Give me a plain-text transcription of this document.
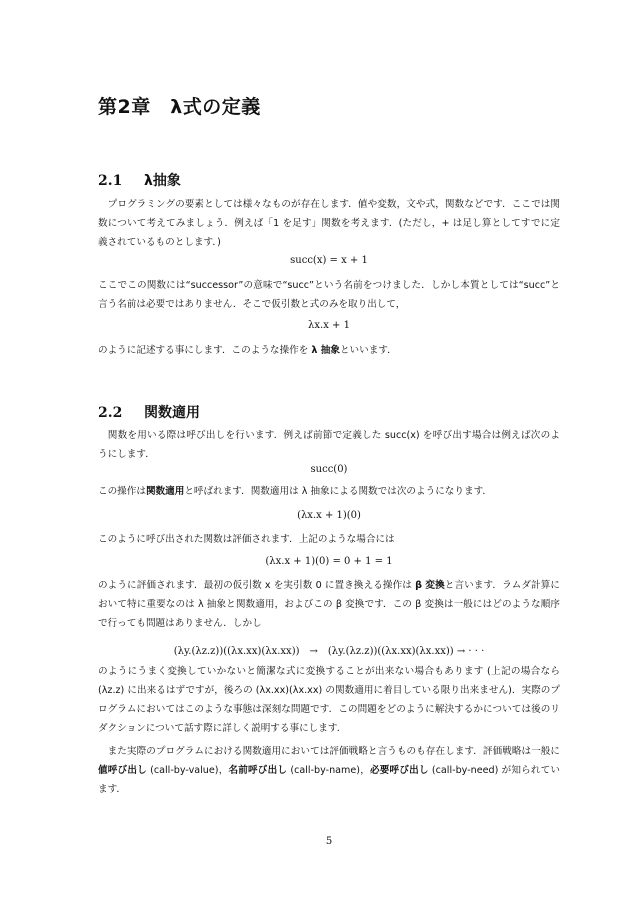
第2章　λ式の定義
2.1 λ抽象
　プログラミングの要素としては様々なものが存在します．値や変数，文や式，関数などです．ここでは関数について考えてみましょう．例えば「1 を足す」関数を考えます．(ただし，+ は足し算としてすでに定義されているものとします．)
succ(x) = x + 1
ここでこの関数には“successor”の意味で“succ”という名前をつけました．しかし本質としては“succ”と言う名前は必要ではありません．そこで仮引数と式のみを取り出して，
λx.x + 1
のように記述する事にします．このような操作を λ 抽象といいます．
2.2 関数適用
　関数を用いる際は呼び出しを行います．例えば前節で定義した succ(x) を呼び出す場合は例えば次のようにします．
succ(0)
この操作は関数適用と呼ばれます．関数適用は λ 抽象による関数では次のようになります．
(λx.x + 1)(0)
このように呼び出された関数は評価されます．上記のような場合には
(λx.x + 1)(0) = 0 + 1 = 1
のように評価されます．最初の仮引数 x を実引数 0 に置き換える操作は β 変換と言います．ラムダ計算において特に重要なのは λ 抽象と関数適用，およびこの β 変換です．この β 変換は一般にはどのような順序で行っても問題はありません．しかし
(λy.(λz.z))((λx.xx)(λx.xx))　→　(λy.(λz.z))((λx.xx)(λx.xx)) → · · ·
のようにうまく変換していかないと簡潔な式に変換することが出来ない場合もあります (上記の場合なら (λz.z) に出来るはずですが，後ろの (λx.xx)(λx.xx) の関数適用に着目している限り出来ません)．実際のプログラムにおいてはこのような事態は深刻な問題です．この問題をどのように解決するかについては後のリダクションについて話す際に詳しく説明する事にします．
　また実際のプログラムにおける関数適用においては評価戦略と言うものも存在します．評価戦略は一般に値呼び出し (call-by-value)，名前呼び出し (call-by-name)，必要呼び出し (call-by-need) が知られています．
5
